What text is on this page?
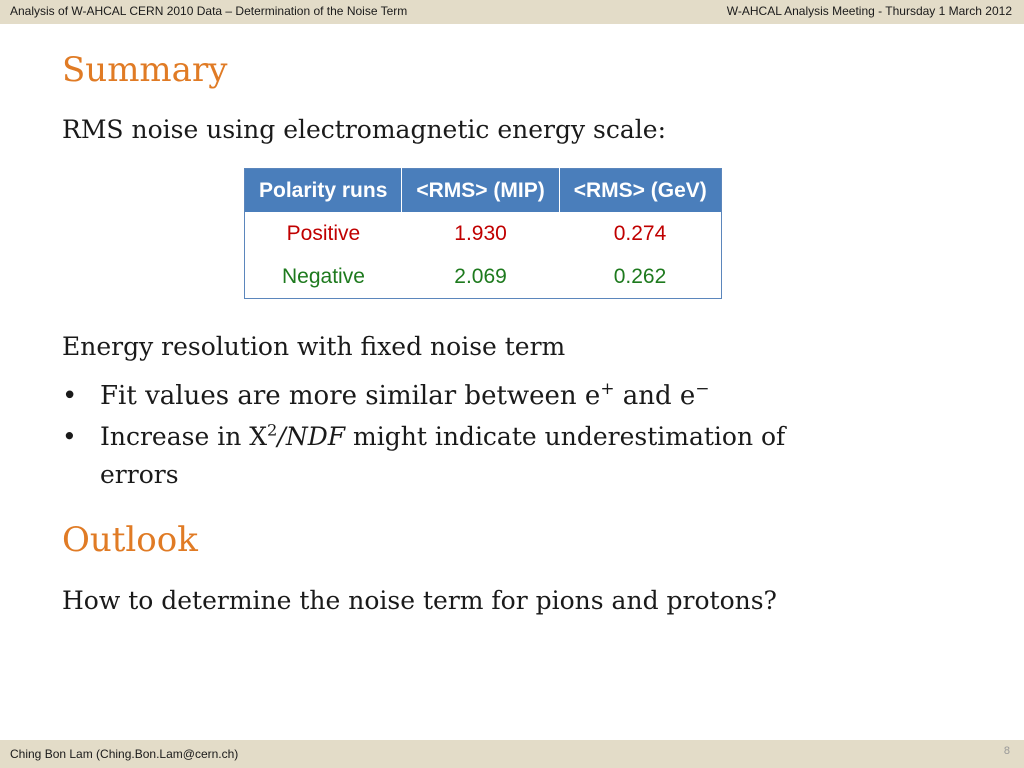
Analysis of W-AHCAL CERN 2010 Data – Determination of the Noise Term	W-AHCAL Analysis Meeting - Thursday 1 March 2012
Summary
RMS noise using electromagnetic energy scale:
Polarity runs	<RMS> (MIP)	<RMS> (GeV)
Positive	1.930	0.274
Negative	2.069	0.262
Energy resolution with fixed noise term
• Fit values are more similar between e+ and e−
• Increase in $X^2$/NDF might indicate underestimation of
errors
Outlook
How to determine the noise term for pions and protons?
Ching Bon Lam (Ching.Bon.Lam@cern.ch)	8
